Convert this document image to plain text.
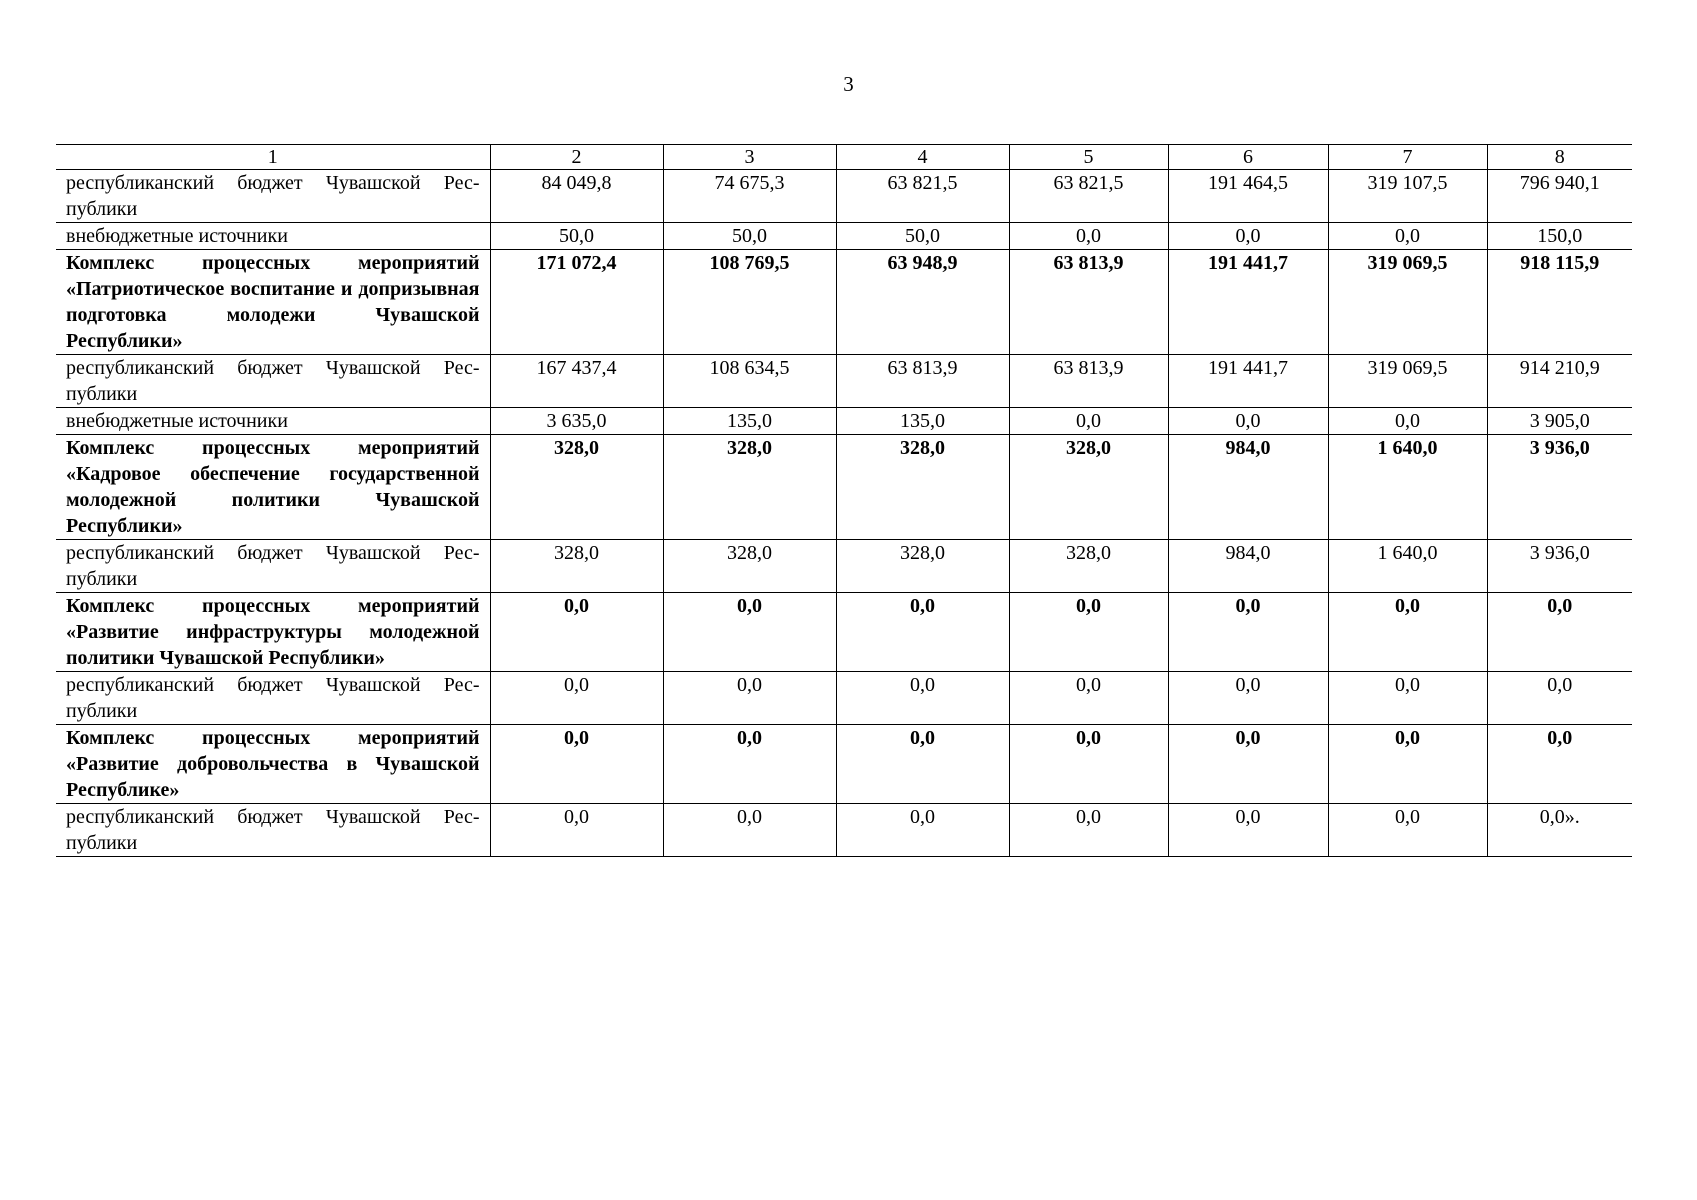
3
1	2	3	4	5	6	7	8
республиканский бюджет Чувашской Республики	84 049,8	74 675,3	63 821,5	63 821,5	191 464,5	319 107,5	796 940,1
внебюджетные источники	50,0	50,0	50,0	0,0	0,0	0,0	150,0
Комплекс процессных мероприятий «Патриотическое воспитание и допризывная подготовка молодежи Чувашской Республики»	171 072,4	108 769,5	63 948,9	63 813,9	191 441,7	319 069,5	918 115,9
республиканский бюджет Чувашской Республики	167 437,4	108 634,5	63 813,9	63 813,9	191 441,7	319 069,5	914 210,9
внебюджетные источники	3 635,0	135,0	135,0	0,0	0,0	0,0	3 905,0
Комплекс процессных мероприятий «Кадровое обеспечение государственной молодежной политики Чувашской Республики»	328,0	328,0	328,0	328,0	984,0	1 640,0	3 936,0
республиканский бюджет Чувашской Республики	328,0	328,0	328,0	328,0	984,0	1 640,0	3 936,0
Комплекс процессных мероприятий «Развитие инфраструктуры молодежной политики Чувашской Республики»	0,0	0,0	0,0	0,0	0,0	0,0	0,0
республиканский бюджет Чувашской Республики	0,0	0,0	0,0	0,0	0,0	0,0	0,0
Комплекс процессных мероприятий «Развитие добровольчества в Чувашской Республике»	0,0	0,0	0,0	0,0	0,0	0,0	0,0
республиканский бюджет Чувашской Республики	0,0	0,0	0,0	0,0	0,0	0,0	0,0».
